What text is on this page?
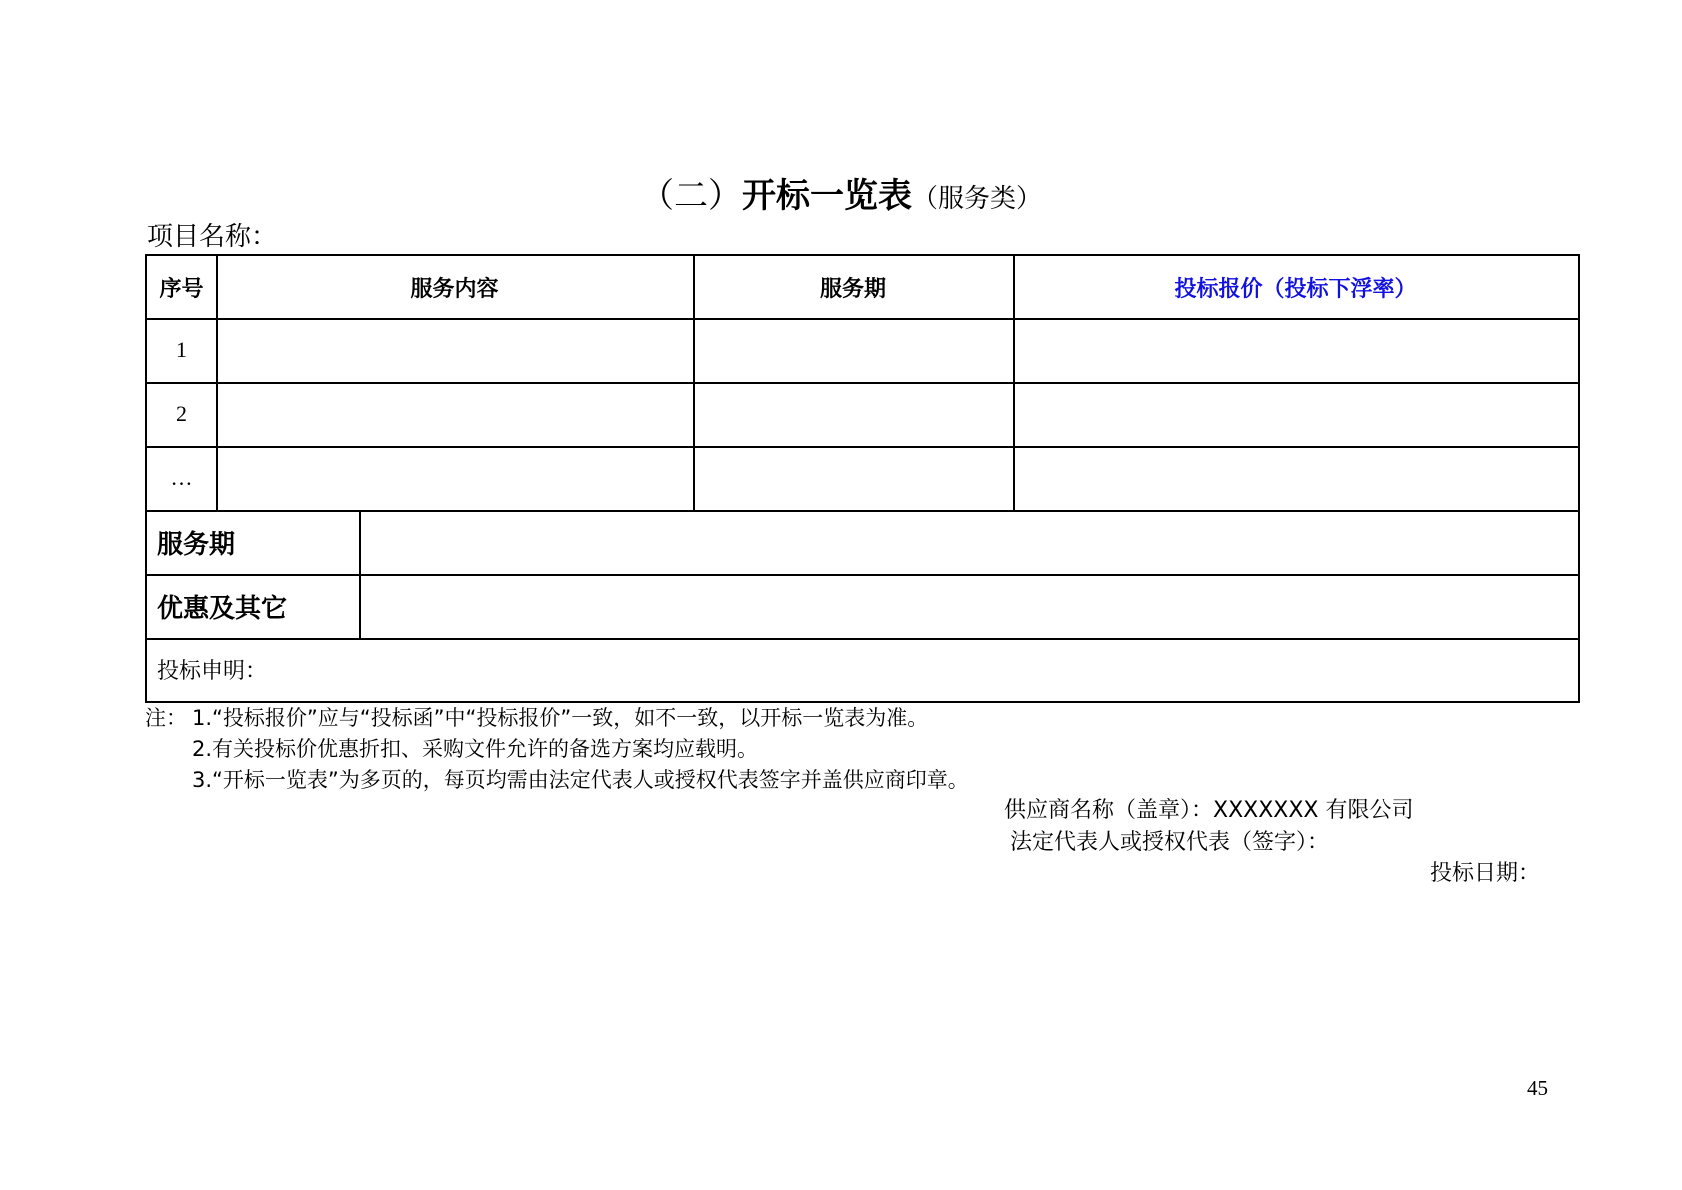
（二）开标一览表（服务类）
项目名称：
序号	服务内容	服务期	投标报价（投标下浮率）
1
2
…
服务期
优惠及其它
投标申明：
注： 1.“投标报价”应与“投标函”中“投标报价”一致，如不一致，以开标一览表为准。
2.有关投标价优惠折扣、采购文件允许的备选方案均应载明。
3.“开标一览表”为多页的，每页均需由法定代表人或授权代表签字并盖供应商印章。
供应商名称（盖章）：XXXXXXX 有限公司
法定代表人或授权代表（签字）：
投标日期：
45
